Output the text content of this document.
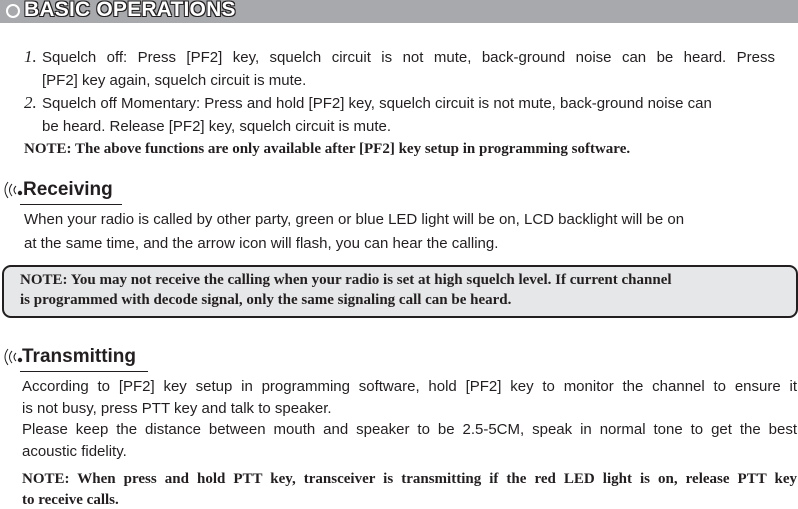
BASIC OPERATIONS
1. Squelch off: Press [PF2] key, squelch circuit is not mute, back-ground noise can be heard. Press
[PF2] key again, squelch circuit is mute.
2. Squelch off Momentary: Press and hold [PF2] key, squelch circuit is not mute, back-ground noise can
be heard. Release [PF2] key, squelch circuit is mute.
NOTE: The above functions are only available after [PF2] key setup in programming software.
Receiving
When your radio is called by other party, green or blue LED light will be on, LCD backlight will be on
at the same time, and the arrow icon will flash, you can hear the calling.
NOTE: You may not receive the calling when your radio is set at high squelch level. If current channel
is programmed with decode signal, only the same signaling call can be heard.
Transmitting
According to [PF2] key setup in programming software, hold [PF2] key to monitor the channel to ensure it
is not busy, press PTT key and talk to speaker.
Please keep the distance between mouth and speaker to be 2.5-5CM, speak in normal tone to get the best
acoustic fidelity.
NOTE: When press and hold PTT key, transceiver is transmitting if the red LED light is on, release PTT key
to receive calls.
